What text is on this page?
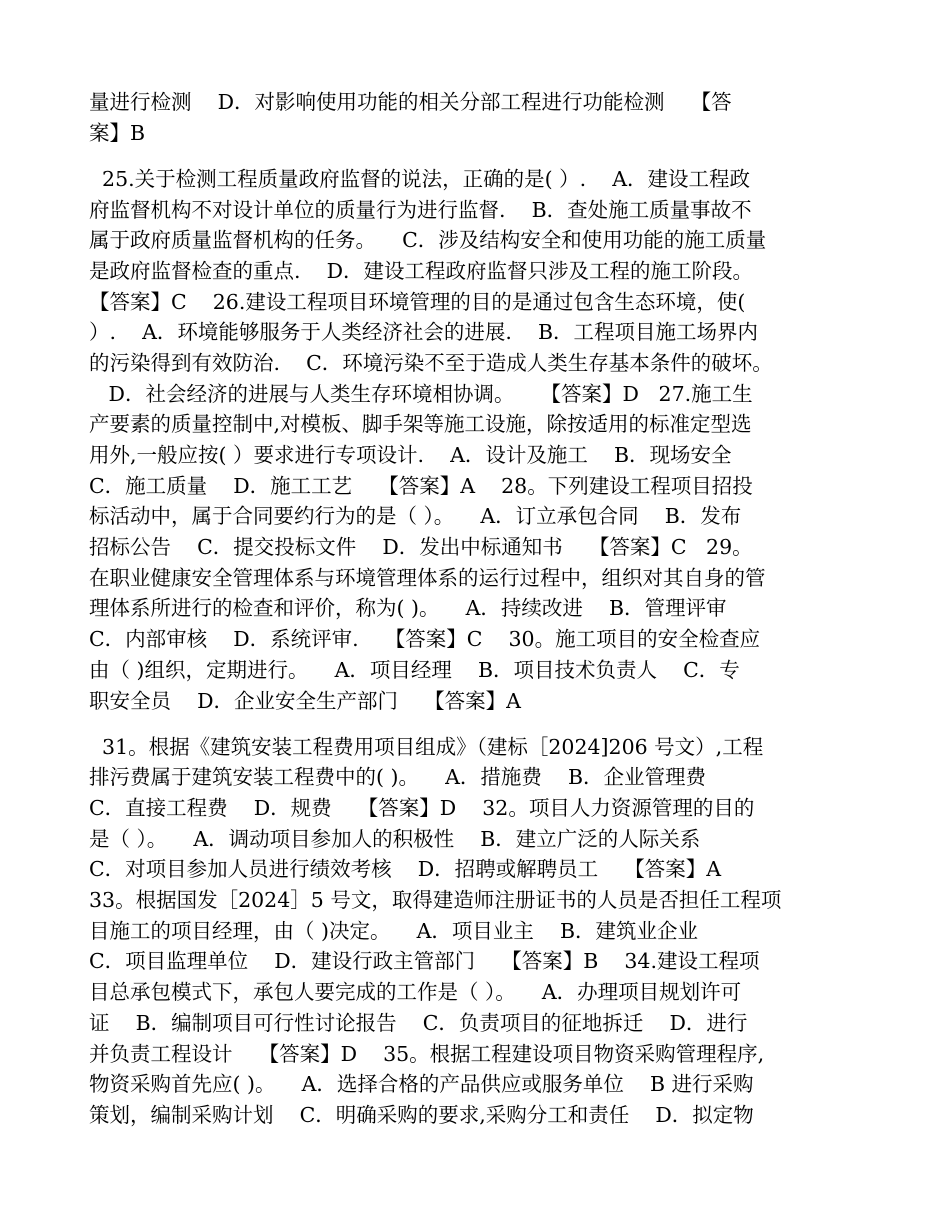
量进行检测    D．对影响使用功能的相关分部工程进行功能检测    【答
案】B
25.关于检测工程质量政府监督的说法，正确的是( ）.    A．建设工程政
府监督机构不对设计单位的质量行为进行监督.    B．查处施工质量事故不
属于政府质量监督机构的任务。    C．涉及结构安全和使用功能的施工质量
是政府监督检查的重点.    D．建设工程政府监督只涉及工程的施工阶段。
【答案】C    26.建设工程项目环境管理的目的是通过包含生态环境，使(
）.    A．环境能够服务于人类经济社会的进展.    B．工程项目施工场界内
的污染得到有效防治.    C．环境污染不至于造成人类生存基本条件的破坏。
D．社会经济的进展与人类生存环境相协调。    【答案】D   27.施工生
产要素的质量控制中,对模板、脚手架等施工设施，除按适用的标准定型选
用外,一般应按( ）要求进行专项设计.    A．设计及施工    B．现场安全
C．施工质量    D．施工工艺    【答案】A    28。下列建设工程项目招投
标活动中，属于合同要约行为的是（ ）。    A．订立承包合同    B．发布
招标公告    C．提交投标文件    D．发出中标通知书    【答案】C   29。
在职业健康安全管理体系与环境管理体系的运行过程中，组织对其自身的管
理体系所进行的检查和评价，称为( )。    A．持续改进    B．管理评审
C．内部审核    D．系统评审.    【答案】C    30。施工项目的安全检查应
由（ )组织，定期进行。    A．项目经理    B．项目技术负责人    C．专
职安全员    D．企业安全生产部门    【答案】A
31。根据《建筑安装工程费用项目组成》（建标［2024]206 号文）,工程
排污费属于建筑安装工程费中的( )。    A．措施费    B．企业管理费
C．直接工程费    D．规费    【答案】D    32。项目人力资源管理的目的
是（ ）。    A．调动项目参加人的积极性    B．建立广泛的人际关系
C．对项目参加人员进行绩效考核    D．招聘或解聘员工    【答案】A
33。根据国发［2024］5 号文，取得建造师注册证书的人员是否担任工程项
目施工的项目经理，由（ )决定。    A．项目业主    B．建筑业企业
C．项目监理单位    D．建设行政主管部门    【答案】B    34.建设工程项
目总承包模式下，承包人要完成的工作是（ ）。    A．办理项目规划许可
证    B．编制项目可行性讨论报告    C．负责项目的征地拆迁    D．进行
并负责工程设计    【答案】D    35。根据工程建设项目物资采购管理程序,
物资采购首先应( )。    A．选择合格的产品供应或服务单位    B 进行采购
策划，编制采购计划    C．明确采购的要求,采购分工和责任    D．拟定物
